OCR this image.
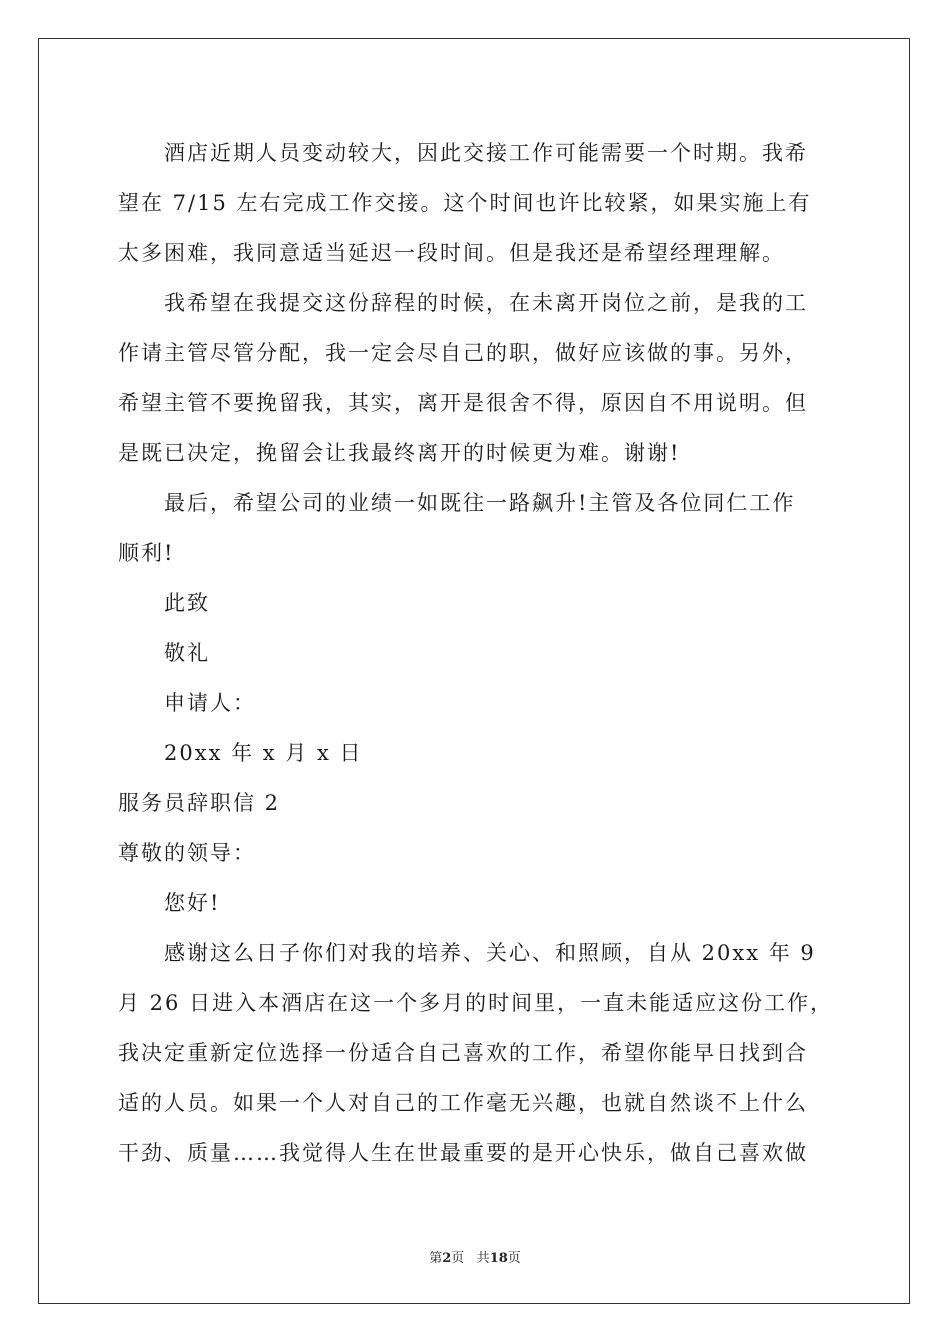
酒店近期人员变动较大，因此交接工作可能需要一个时期。我希
望在 7/15 左右完成工作交接。这个时间也许比较紧，如果实施上有
太多困难，我同意适当延迟一段时间。但是我还是希望经理理解。
我希望在我提交这份辞程的时候，在未离开岗位之前，是我的工
作请主管尽管分配，我一定会尽自己的职，做好应该做的事。另外，
希望主管不要挽留我，其实，离开是很舍不得，原因自不用说明。但
是既已决定，挽留会让我最终离开的时候更为难。谢谢!
最后，希望公司的业绩一如既往一路飙升!主管及各位同仁工作
顺利!
此致
敬礼
申请人：
20xx 年 x 月 x 日
服务员辞职信 2
尊敬的领导：
您好!
感谢这么日子你们对我的培养、关心、和照顾，自从 20xx 年 9
月 26 日进入本酒店在这一个多月的时间里，一直未能适应这份工作，
我决定重新定位选择一份适合自己喜欢的工作，希望你能早日找到合
适的人员。如果一个人对自己的工作毫无兴趣，也就自然谈不上什么
干劲、质量……我觉得人生在世最重要的是开心快乐，做自己喜欢做
第2页 共18页
